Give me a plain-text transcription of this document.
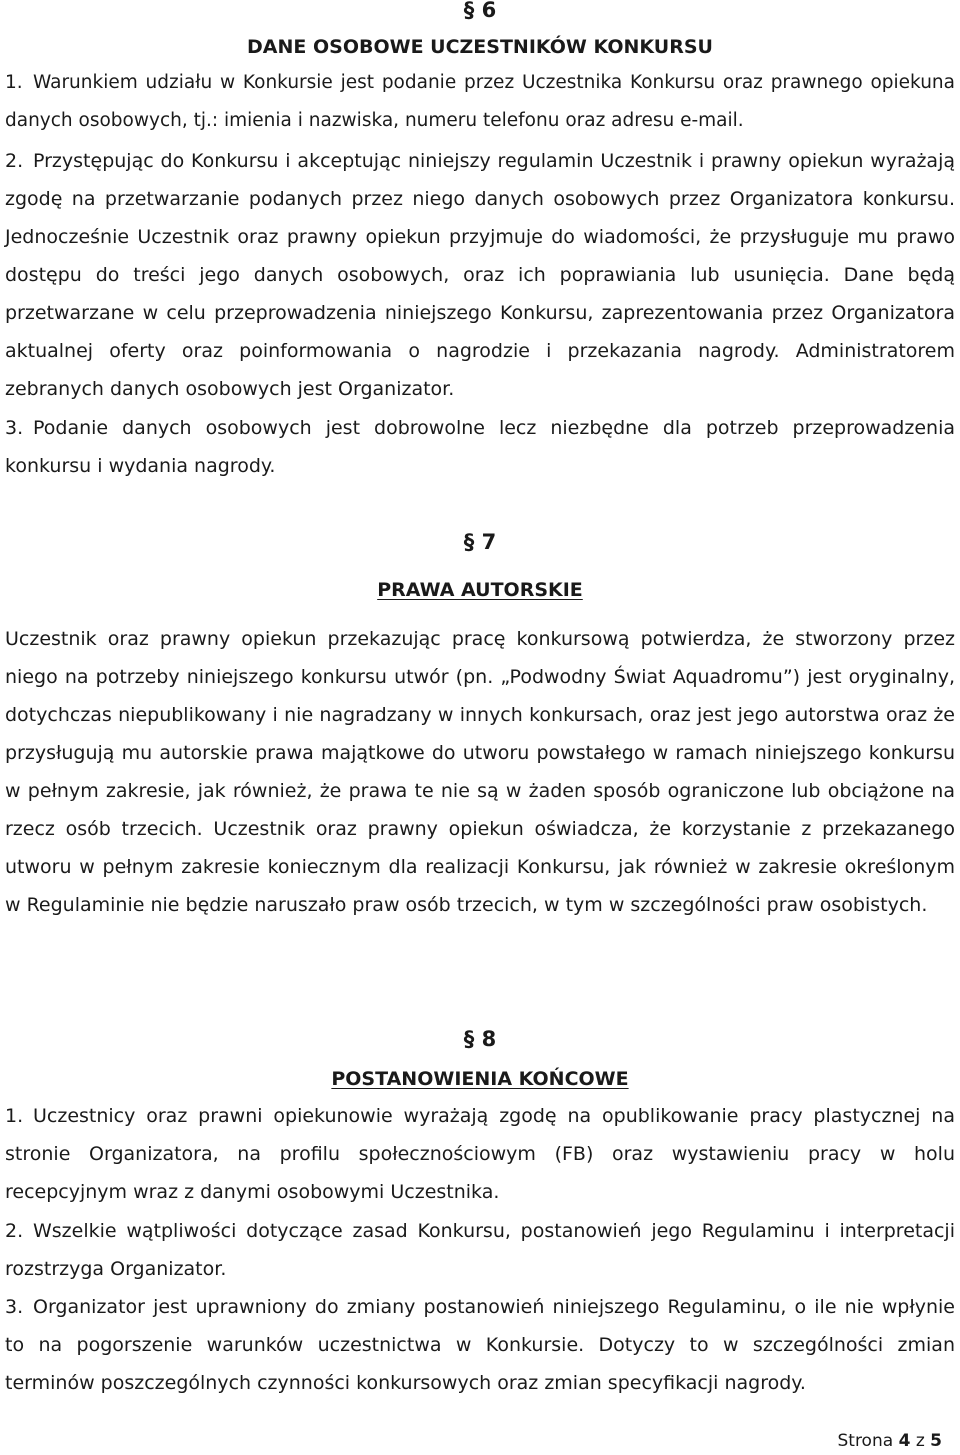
§ 6
DANE OSOBOWE UCZESTNIKÓW KONKURSU

1. Warunkiem udziału w Konkursie jest podanie przez Uczestnika Konkursu oraz prawnego opiekuna danych osobowych, tj.: imienia i nazwiska, numeru telefonu oraz adresu e-mail.

2. Przystępując do Konkursu i akceptując niniejszy regulamin Uczestnik i prawny opiekun wyrażają zgodę na przetwarzanie podanych przez niego danych osobowych przez Organizatora konkursu. Jednocześnie Uczestnik oraz prawny opiekun przyjmuje do wiadomości, że przysługuje mu prawo dostępu do treści jego danych osobowych, oraz ich poprawiania lub usunięcia. Dane będą przetwarzane w celu przeprowadzenia niniejszego Konkursu, zaprezentowania przez Organizatora aktualnej oferty oraz poinformowania o nagrodzie i przekazania nagrody. Administratorem zebranych danych osobowych jest Organizator.

3. Podanie danych osobowych jest dobrowolne lecz niezbędne dla potrzeb przeprowadzenia konkursu i wydania nagrody.

§ 7
PRAWA AUTORSKIE

Uczestnik oraz prawny opiekun przekazując pracę konkursową potwierdza, że stworzony przez niego na potrzeby niniejszego konkursu utwór (pn. „Podwodny Świat Aquadromu”) jest oryginalny, dotychczas niepublikowany i nie nagradzany w innych konkursach, oraz jest jego autorstwa oraz że przysługują mu autorskie prawa majątkowe do utworu powstałego w ramach niniejszego konkursu w pełnym zakresie, jak również, że prawa te nie są w żaden sposób ograniczone lub obciążone na rzecz osób trzecich. Uczestnik oraz prawny opiekun oświadcza, że korzystanie z przekazanego utworu w pełnym zakresie koniecznym dla realizacji Konkursu, jak również w zakresie określonym w Regulaminie nie będzie naruszało praw osób trzecich, w tym w szczególności praw osobistych.

§ 8
POSTANOWIENIA KOŃCOWE

1. Uczestnicy oraz prawni opiekunowie wyrażają zgodę na opublikowanie pracy plastycznej na stronie Organizatora, na profilu społecznościowym (FB) oraz wystawieniu pracy w holu recepcyjnym wraz z danymi osobowymi Uczestnika.

2. Wszelkie wątpliwości dotyczące zasad Konkursu, postanowień jego Regulaminu i interpretacji rozstrzyga Organizator.

3. Organizator jest uprawniony do zmiany postanowień niniejszego Regulaminu, o ile nie wpłynie to na pogorszenie warunków uczestnictwa w Konkursie. Dotyczy to w szczególności zmian terminów poszczególnych czynności konkursowych oraz zmian specyfikacji nagrody.

Strona 4 z 5
